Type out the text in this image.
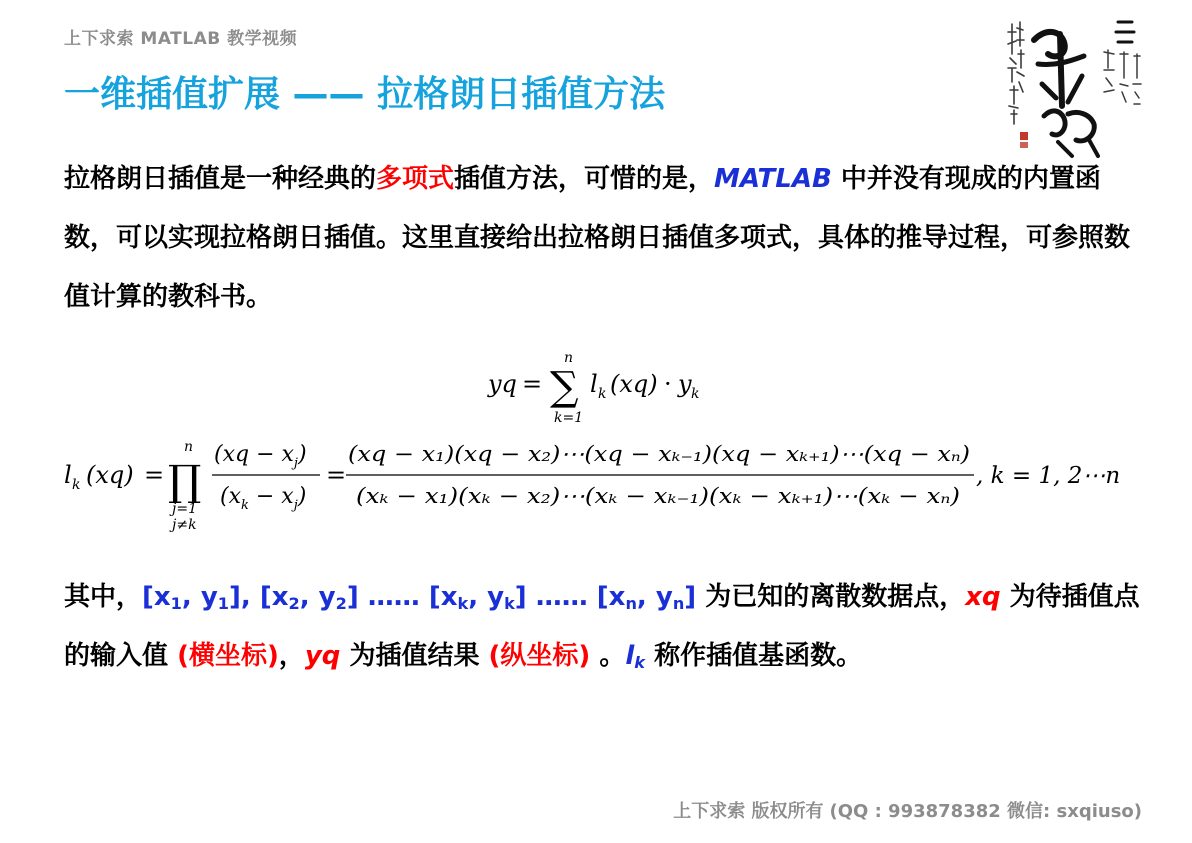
上下求索 MATLAB 教学视频
一维插值扩展 —— 拉格朗日插值方法
拉格朗日插值是一种经典的多项式插值方法，可惜的是，MATLAB 中并没有现成的内置函数，可以实现拉格朗日插值。这里直接给出拉格朗日插值多项式，具体的推导过程，可参照数值计算的教科书。
yq =
n
∑
k=1
l k (xq) · y k
l k (xq) =
n
∏
j=1
j≠k
$(xq - x_j)$
$(x_k - x_j)$
=
(xq − x₁)(xq − x₂)⋯(xq − xₖ₋₁)(xq − xₖ₊₁)⋯(xq − xₙ)
(xₖ − x₁)(xₖ − x₂)⋯(xₖ − xₖ₋₁)(xₖ − xₖ₊₁)⋯(xₖ − xₙ)
, k = 1, 2⋯n
其中，[$x_1$, $y_1$], [$x_2$, $y_2$] …… [$x_k$, $y_k$] …… [$x_n$, $y_n$] 为已知的离散数据点，xq 为待插值点的输入值 (横坐标)，yq 为插值结果 (纵坐标) 。$l_k$ 称作插值基函数。
上下求索 版权所有 (QQ : 993878382 微信: sxqiuso)
